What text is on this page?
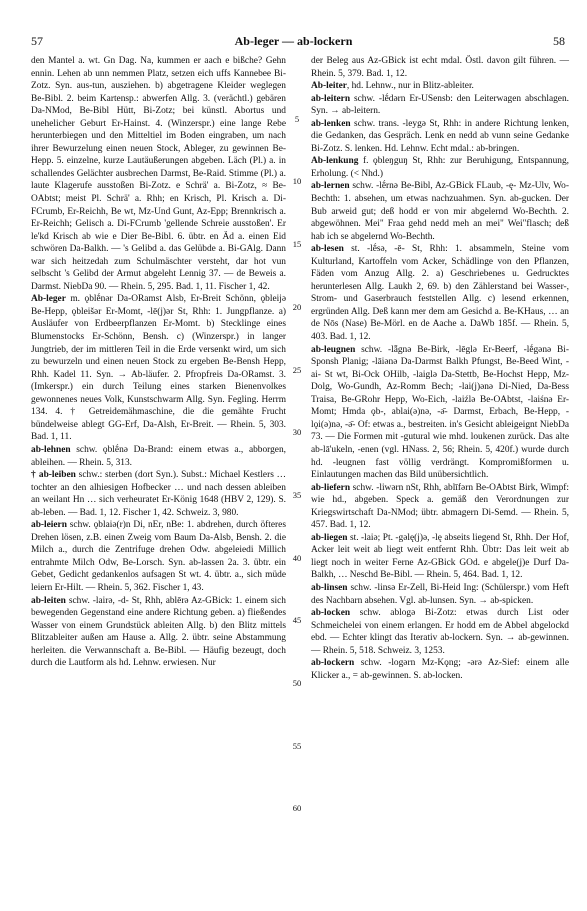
57	Ab-leger — ab-lockern	58
5
10
15
20
25
30
35
40
45
50
55
60

den Mantel a. wt. Gn Dag. Na, kummen er aach e bißche? Gehn ennin. Lehen ab unn nemmen Platz, setzen eich uffs Kannebee Bi-Zotz. Syn. aus-tun, ausziehen. b) abgetragene Kleider weglegen Be-Bibl. 2. beim Kartensp.: abwerfen Allg. 3. (verächtl.) gebären Da-NMod, Be-Bibl Hütt, Bi-Zotz; bei künstl. Abortus und unehelicher Geburt Er-Hainst. 4. (Winzerspr.) eine lange Rebe herunterbiegen und den Mitteltiel im Boden eingraben, um nach ihrer Bewurzelung einen neuen Stock, Ableger, zu gewinnen Be-Hepp. 5. einzelne, kurze Lautäußerungen abgeben. Läch (Pl.) a. in schallendes Gelächter ausbrechen Darmst, Be-Raid. Stimme (Pl.) a. laute Klagerufe ausstoßen Bi-Zotz. e Schrä' a. Bi-Zotz, ≈ Be-OAbtst; meist Pl. Schrä' a. Rhh; en Krisch, Pl. Krisch a. Di-FCrumb, Er-Reichh, Be wt, Mz-Und Gunt, Az-Epp; Brennkrisch a. Er-Reichh; Gelisch a. Di-FCrumb 'gellende Schreie ausstoßen'. Er le'kd Krisch ab wie e Dier Be-Bibl. 6. übtr. en Äd a. einen Eid schwören Da-Balkh. — 's Gelibd a. das Gelübde a. Bi-GAlg. Dann war sich heitzedah zum Schulmäschter versteht, dar hot vun selbscht 's Gelibd der Armut abgeleht Lennig 37. — de Beweis a. Darmst. NiebDa 90. — Rhein. 5, 295. Bad. 1, 11. Fischer 1, 42.

Ab-leger m. ǫblḗnǝr Da-ORamst Alsb, Er-Breit Schönn, ǫbleijǝ Be-Hepp, ǫbleišǝr Er-Momt, -lē(j)ǝr St, Rhh: 1. Jungpflanze. a) Ausläufer von Erdbeerpflanzen Er-Momt. b) Stecklinge eines Blumenstocks Er-Schönn, Bensh. c) (Winzerspr.) in langer Jungtrieb, der im mittleren Teil in die Erde versenkt wird, um sich zu bewurzeln und einen neuen Stock zu ergeben Be-Bensh Hepp, Rhh. Kadel 11. Syn. → Ab-läufer. 2. Pfropfreis Da-ORamst. 3. (Imkerspr.) ein durch Teilung eines starken Bienenvolkes gewonnenes neues Volk, Kunstschwarm Allg. Syn. Fegling. Herrm 134. 4. † Getreidemähmaschine, die die gemähte Frucht bündelweise ablegt GG-Erf, Da-Alsh, Er-Breit. — Rhein. 5, 303. Bad. 1, 11.

ab-lehnen schw. ǫblḗnǝ Da-Brand: einem etwas a., abborgen, ableihen. — Rhein. 5, 313.

† ab-leiben schw.: sterben (dort Syn.). Subst.: Michael Kestlers … tochter an den alhiesigen Hofbecker … und nach dessen ableiben an weilant Hn … sich verheuratet Er-König 1648 (HBV 2, 129). S. ab-leben. — Bad. 1, 12. Fischer 1, 42. Schweiz. 3, 980.

ab-leiern schw. ǫblaiǝ(r)n Di, nEr, nBe: 1. abdrehen, durch öfteres Drehen lösen, z.B. einen Zweig vom Baum Da-Alsb, Bensh. 2. die Milch a., durch die Zentrifuge drehen Odw. abgeleiedi Millich entrahmte Milch Odw, Be-Lorsch. Syn. ab-lassen 2a. 3. übtr. ein Gebet, Gedicht gedankenlos aufsagen St wt. 4. übtr. a., sich müde leiern Er-Hilt. — Rhein. 5, 362. Fischer 1, 43.

ab-leiten schw. -lairǝ, -d- St, Rhh, ablērǝ Az-GBick: 1. einem sich bewegenden Gegenstand eine andere Richtung geben. a) fließendes Wasser von einem Grundstück ableiten Allg. b) den Blitz mittels Blitzableiter außen am Hause a. Allg. 2. übtr. seine Abstammung herleiten. die Verwannschaft a. Be-Bibl. — Häufig bezeugt, doch durch die Lautform als hd. Lehnw. erwiesen. Nur

der Beleg aus Az-GBick ist echt mdal. Östl. davon gilt führen. — Rhein. 5, 379. Bad. 1, 12.

Ab-leiter, hd. Lehnw., nur in Blitz-ableiter.

ab-leitern schw. -lḗdǝrn Er-USensb: den Leiterwagen abschlagen. Syn. → ab-leitern.

ab-lenken schw. trans. -leygǝ St, Rhh: in andere Richtung lenken, die Gedanken, das Gespräch. Lenk en nedd ab vunn seine Gedanke Bi-Zotz. S. lenken. Hd. Lehnw. Echt mdal.: ab-bringen.

Ab-lenkung f. ǫbleŋguŋ St, Rhh: zur Beruhigung, Entspannung, Erholung. (< Nhd.)

ab-lernen schw. -lḗrnǝ Be-Bibl, Az-GBick FLaub, -ę- Mz-Ulv, Wo-Bechth: 1. absehen, um etwas nachzuahmen. Syn. ab-gucken. Der Bub arweid gut; deß hodd er von mir abgelernd Wo-Bechth. 2. abgewöhnen. Mei" Fraa gehd nedd meh an mei" Wei"flasch; deß hab ich se abgelernd Wo-Bechth.

ab-lesen st. -lḗsǝ, -ē- St, Rhh: 1. absammeln, Steine vom Kulturland, Kartoffeln vom Acker, Schädlinge von den Pflanzen, Fäden vom Anzug Allg. 2. a) Geschriebenes u. Gedrucktes herunterlesen Allg. Laukh 2, 69. b) den Zählerstand bei Wasser-, Strom- und Gaserbrauch feststellen Allg. c) lesend erkennen, ergründen Allg. Deß kann mer dem am Gesichd a. Be-KHaus, … an de Nōs (Nase) Be-Mörl. en de Aache a. DaWb 185f. — Rhein. 5, 403. Bad. 1, 12.

ab-leugnen schw. -lǟgnǝ Be-Birk, -lēglǝ Er-Beerf, -lḗgǝnǝ Bi-Sponsh Planig; -lāiǝnǝ Da-Darmst Balkh Pfungst, Be-Beed Wint, -ai- St wt, Bi-Ock OHilb, -laiglǝ Da-Stettb, Be-Hochst Hepp, Mz-Dolg, Wo-Gundh, Az-Romm Bech; -lai(j)ǝnǝ Di-Nied, Da-Bess Traisa, Be-GRohr Hepp, Wo-Eich, -laiźlǝ Be-OAbtst, -laiśnǝ Er-Momt; Hmda ǫb-, ablai(ǝ)nǝ, -ǝ̄- Darmst, Erbach, Be-Hepp, -lǫi(ǝ)nǝ, -ǝ̄- Of: etwas a., bestreiten. in's Gesicht ableigeignt NiebDa 73. — Die Formen mit -gutural wie mhd. loukenen zurück. Das alte ab-lā'ukeln, -enen (vgl. HNass. 2, 56; Rhein. 5, 420f.) wurde durch hd. -leugnen fast völlig verdrängt. Kompromißformen u. Einlautungen machen das Bild unübersichtlich.

ab-liefern schw. -liwǝrn nSt, Rhh, ablīfǝrn Be-OAbtst Birk, Wimpf: wie hd., abgeben. Speck a. gemäß den Verordnungen zur Kriegswirtschaft Da-NMod; übtr. abmagern Di-Semd. — Rhein. 5, 457. Bad. 1, 12.

ab-liegen st. -laiǝ; Pt. -gǝlę(j)ǝ, -lę abseits liegend St, Rhh. Der Hof, Acker leit weit ab liegt weit entfernt Rhh. Übtr: Das leit weit ab liegt noch in weiter Ferne Az-GBick GOd. e abgele(j)e Durf Da-Balkh, … Neschd Be-Bibl. — Rhein. 5, 464. Bad. 1, 12.

ab-linsen schw. -linsǝ Er-Zell, Bi-Heid Ing: (Schülerspr.) vom Heft des Nachbarn absehen. Vgl. ab-lunsen. Syn. → ab-spicken.

ab-locken schw. ablogǝ Bi-Zotz: etwas durch List oder Schmeichelei von einem erlangen. Er hodd em de Abbel abgelockd ebd. — Echter klingt das Iterativ ab-lockern. Syn. → ab-gewinnen. — Rhein. 5, 518. Schweiz. 3, 1253.

ab-lockern schw. -logǝrn Mz-Kǫng; -ǝrǝ Az-Sief: einem alle Klicker a., = ab-gewinnen. S. ab-locken.
